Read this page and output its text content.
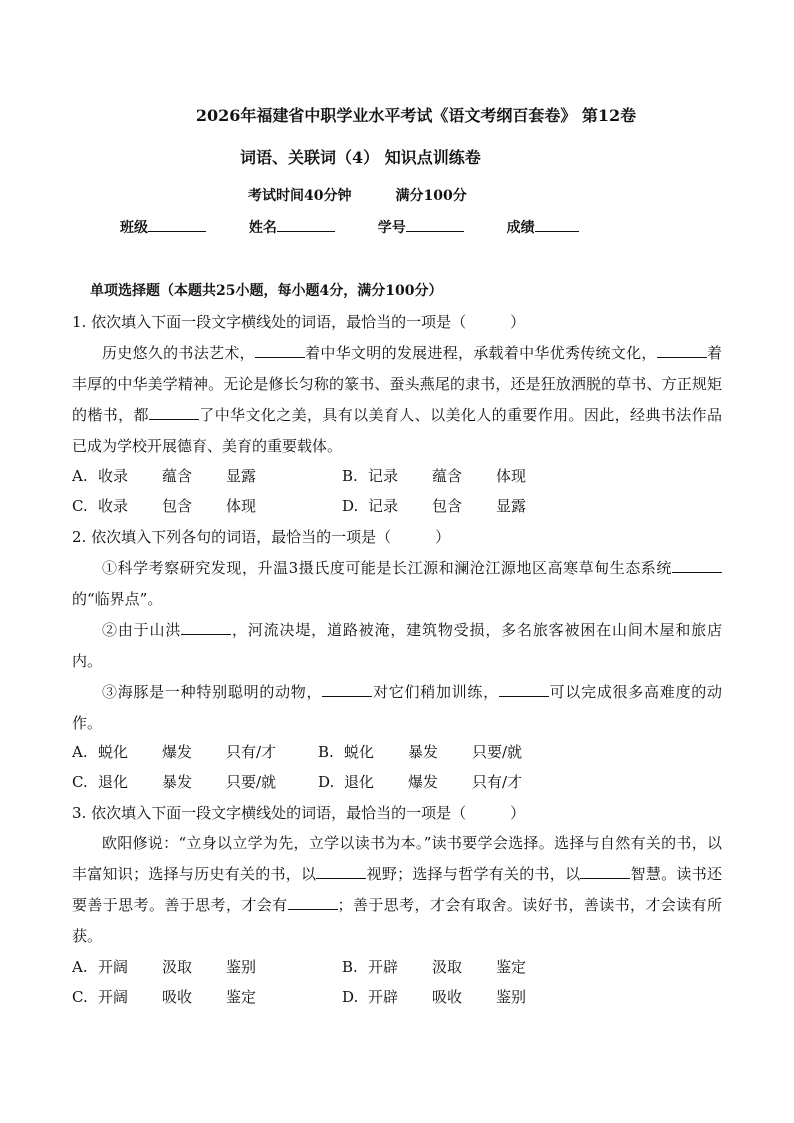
2026年福建省中职学业水平考试《语文考纲百套卷》 第12卷
词语、关联词（4） 知识点训练卷
考试时间40分钟	满分100分
班级	姓名	学号	成绩
单项选择题（本题共25小题，每小题4分，满分100分）
1. 依次填入下面一段文字横线处的词语，最恰当的一项是（	）
历史悠久的书法艺术，	着中华文明的发展进程，承载着中华优秀传统文化，	着丰厚的中华美学精神。无论是修长匀称的篆书、蚕头燕尾的隶书，还是狂放洒脱的草书、方正规矩的楷书，都	了中华文化之美，具有以美育人、以美化人的重要作用。因此，经典书法作品已成为学校开展德育、美育的重要载体。
A. 收录 蕴含 显露	B. 记录 蕴含 体现
C. 收录 包含 体现	D. 记录 包含 显露
2. 依次填入下列各句的词语，最恰当的一项是（	）
①科学考察研究发现，升温3摄氏度可能是长江源和澜沧江源地区高寒草甸生态系统的“临界点”。
②由于山洪	，河流决堤，道路被淹，建筑物受损，多名旅客被困在山间木屋和旅店内。
③海豚是一种特别聪明的动物，	对它们稍加训练，	可以完成很多高难度的动作。
A. 蜕化 爆发 只有/才	B. 蜕化 暴发 只要/就
C. 退化 暴发 只要/就	D. 退化 爆发 只有/才
3. 依次填入下面一段文字横线处的词语，最恰当的一项是（	）
欧阳修说：“立身以立学为先，立学以读书为本。”读书要学会选择。选择与自然有关的书，以丰富知识；选择与历史有关的书，以	视野；选择与哲学有关的书，以	智慧。读书还要善于思考。善于思考，才会有	；善于思考，才会有取舍。读好书，善读书，才会读有所获。
A. 开阔 汲取 鉴别	B. 开辟 汲取 鉴定
C. 开阔 吸收 鉴定	D. 开辟 吸收 鉴别
